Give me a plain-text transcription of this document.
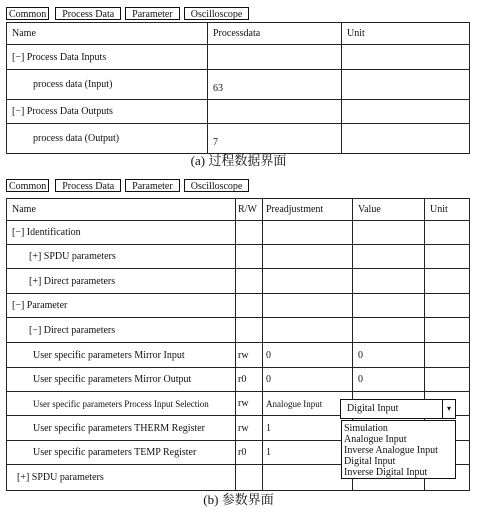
Common	Process Data	Parameter	Oscilloscope
Name	Processdata	Unit
[−] Process Data Inputs		
process data (Input)	63	
[−] Process Data Outputs		
process data (Output)	7	
(a) 过程数据界面
Common	Process Data	Parameter	Oscilloscope
Name	R/W	Preadjustment	Value	Unit
[−] Identification				
[+] SPDU parameters				
[+] Direct parameters				
[−] Parameter				
[−] Direct parameters				
User specific parameters Mirror Input	rw	0	0	
User specific parameters Mirror Output	r0	0	0	
User specific parameters Process Input Selection	rw	Analogue Input		
User specific parameters THERM Register	rw	1		
User specific parameters TEMP Register	r0	1		
[+] SPDU parameters				
Digital Input	▾
Simulation
Analogue Input
Inverse Analogue Input
Digital Input
Inverse Digital Input
(b) 参数界面
